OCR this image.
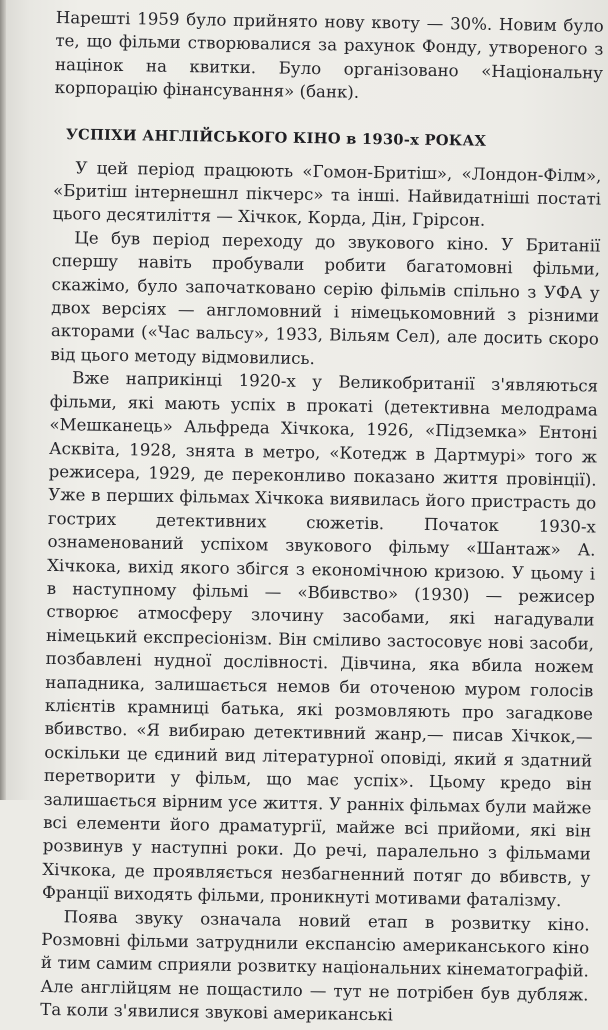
Нарешті 1959 було прийнято нову квоту — 30%. Новим було те, що фільми створювалися за рахунок Фонду, утвореного з націнок на квитки. Було організовано «Національну корпорацію фінансування» (банк).

УСПІХИ АНГЛІЙСЬКОГО КІНО в 1930-х РОКАХ

У цей період працюють «Гомон-Бритіш», «Лондон-Філм», «Бритіш інтернешнл пікчерс» та інші. Найвидатніші постаті цього десятиліття — Хічкок, Корда, Дін, Грірсон.

Це був період переходу до звукового кіно. У Британії спершу навіть пробували робити багатомовні фільми, скажімо, було започатковано серію фільмів спільно з УФА у двох версіях — англомовний і німецькомовний з різними акторами («Час вальсу», 1933, Вільям Сел), але досить скоро від цього методу відмовились.

Вже наприкінці 1920-х у Великобританії з'являються фільми, які мають успіх в прокаті (детективна мелодрама «Мешканець» Альфреда Хічкока, 1926, «Підземка» Ентоні Асквіта, 1928, знята в метро, «Котедж в Дартмурі» того ж режисера, 1929, де переконливо показано життя провінції). Уже в перших фільмах Хічкока виявилась його пристрасть до гострих детективних сюжетів. Початок 1930-х ознаменований успіхом звукового фільму «Шантаж» А. Хічкока, вихід якого збігся з економічною кризою. У цьому і в наступному фільмі — «Вбивство» (1930) — режисер створює атмосферу злочину засобами, які нагадували німецький експресіонізм. Він сміливо застосовує нові засоби, позбавлені нудної дослівності. Дівчина, яка вбила ножем нападника, залишається немов би оточеною муром голосів клієнтів крамниці батька, які розмовляють про загадкове вбивство. «Я вибираю детективний жанр,— писав Хічкок,— оскільки це єдиний вид літературної оповіді, який я здатний перетворити у фільм, що має успіх». Цьому кредо він залишається вірним усе життя. У ранніх фільмах були майже всі елементи його драматургії, майже всі прийоми, які він розвинув у наступні роки. До речі, паралельно з фільмами Хічкока, де проявляється незбагненний потяг до вбивств, у Франції виходять фільми, проникнуті мотивами фаталізму.

Поява звуку означала новий етап в розвитку кіно. Розмовні фільми затруднили експансію американського кіно й тим самим сприяли розвитку національних кінематографій. Але англійцям не пощастило — тут не потрібен був дубляж. Та коли з'явилися звукові американські
